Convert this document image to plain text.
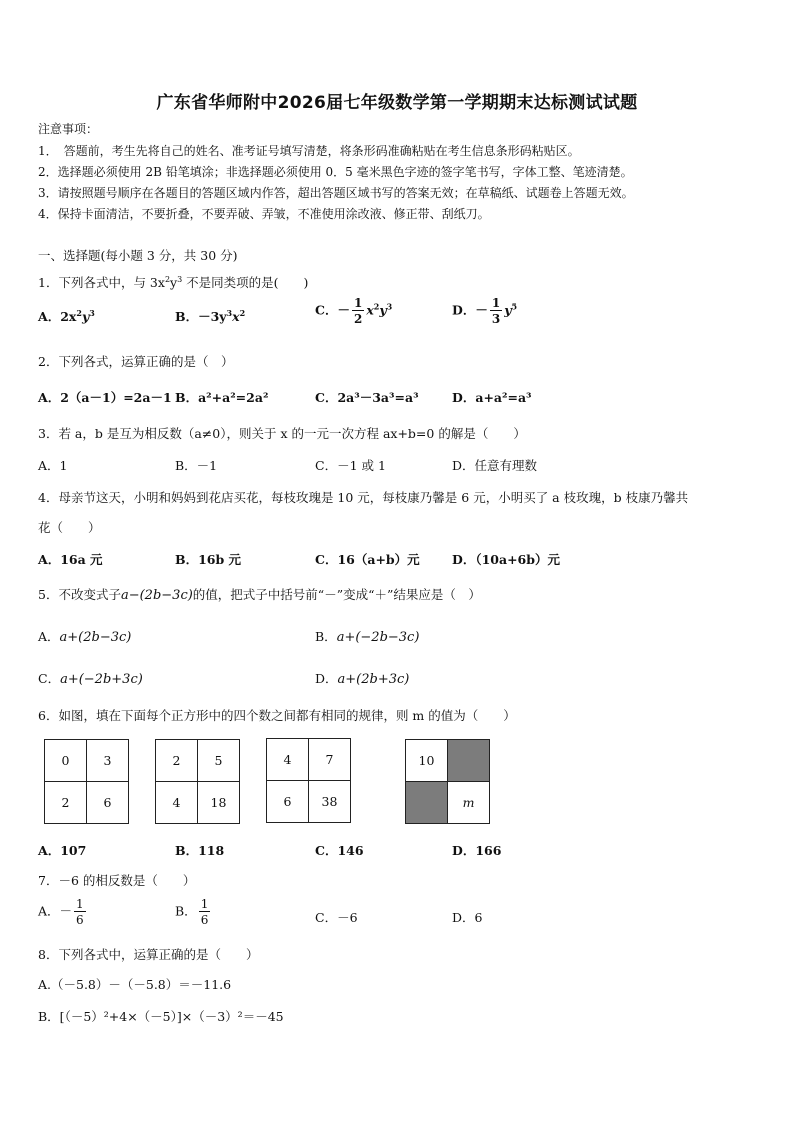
广东省华师附中2026届七年级数学第一学期期末达标测试试题
注意事项：
1．　答题前，考生先将自己的姓名、准考证号填写清楚，将条形码准确粘贴在考生信息条形码粘贴区。
2．选择题必须使用 2B 铅笔填涂；非选择题必须使用 0．5 毫米黑色字迹的签字笔书写，字体工整、笔迹清楚。
3．请按照题号顺序在各题目的答题区域内作答，超出答题区域书写的答案无效；在草稿纸、试题卷上答题无效。
4．保持卡面清洁，不要折叠，不要弄破、弄皱，不准使用涂改液、修正带、刮纸刀。
一、选择题(每小题 3 分，共 30 分)
1．下列各式中，与 $3x^2y^3$ 不是同类项的是(　　)
A．$2x^2y^3$	B．$-3y^3x^2$	C．－ $\frac{1}{2} x^2y^3$	D．－ $\frac{1}{3} y^5$
2．下列各式，运算正确的是（　）
A．2（a－1）=2a－1 B．a²+a²=2a²	C．2a³－3a³=a³	D．a+a²=a³
3．若 a，b 是互为相反数（a≠0），则关于 x 的一元一次方程 ax+b=0 的解是（　　）
A．1	B．－1	C．－1 或 1	D．任意有理数
4．母亲节这天，小明和妈妈到花店买花，每枝玫瑰是 10 元，每枝康乃馨是 6 元，小明买了 a 枝玫瑰，b 枝康乃馨共
花（　　）
A．16a 元	B．16b 元	C．16（a+b）元	D．（10a+6b）元
5．不改变式子a−(2b−3c)的值，把式子中括号前“－”变成“＋”结果应是（　）
A．a+(2b−3c)	B．a+(−2b−3c)
C．a+(−2b+3c)	D．a+(2b+3c)
6．如图，填在下面每个正方形中的四个数之间都有相同的规律，则 m 的值为（　　）
0	3
2	6
2	5
4	18
4	7
6	38
10	
	m
A．107	B．118	C．146	D．166
7．－6 的相反数是（　　）
A．－ $\frac{1}{6}$	B． $\frac{1}{6}$	C．－6	D．6
8．下列各式中，运算正确的是（　　）
A.（－5.8）－（－5.8）＝－11.6
B．[（－5）²+4×（－5）]×（－3）²＝－45
